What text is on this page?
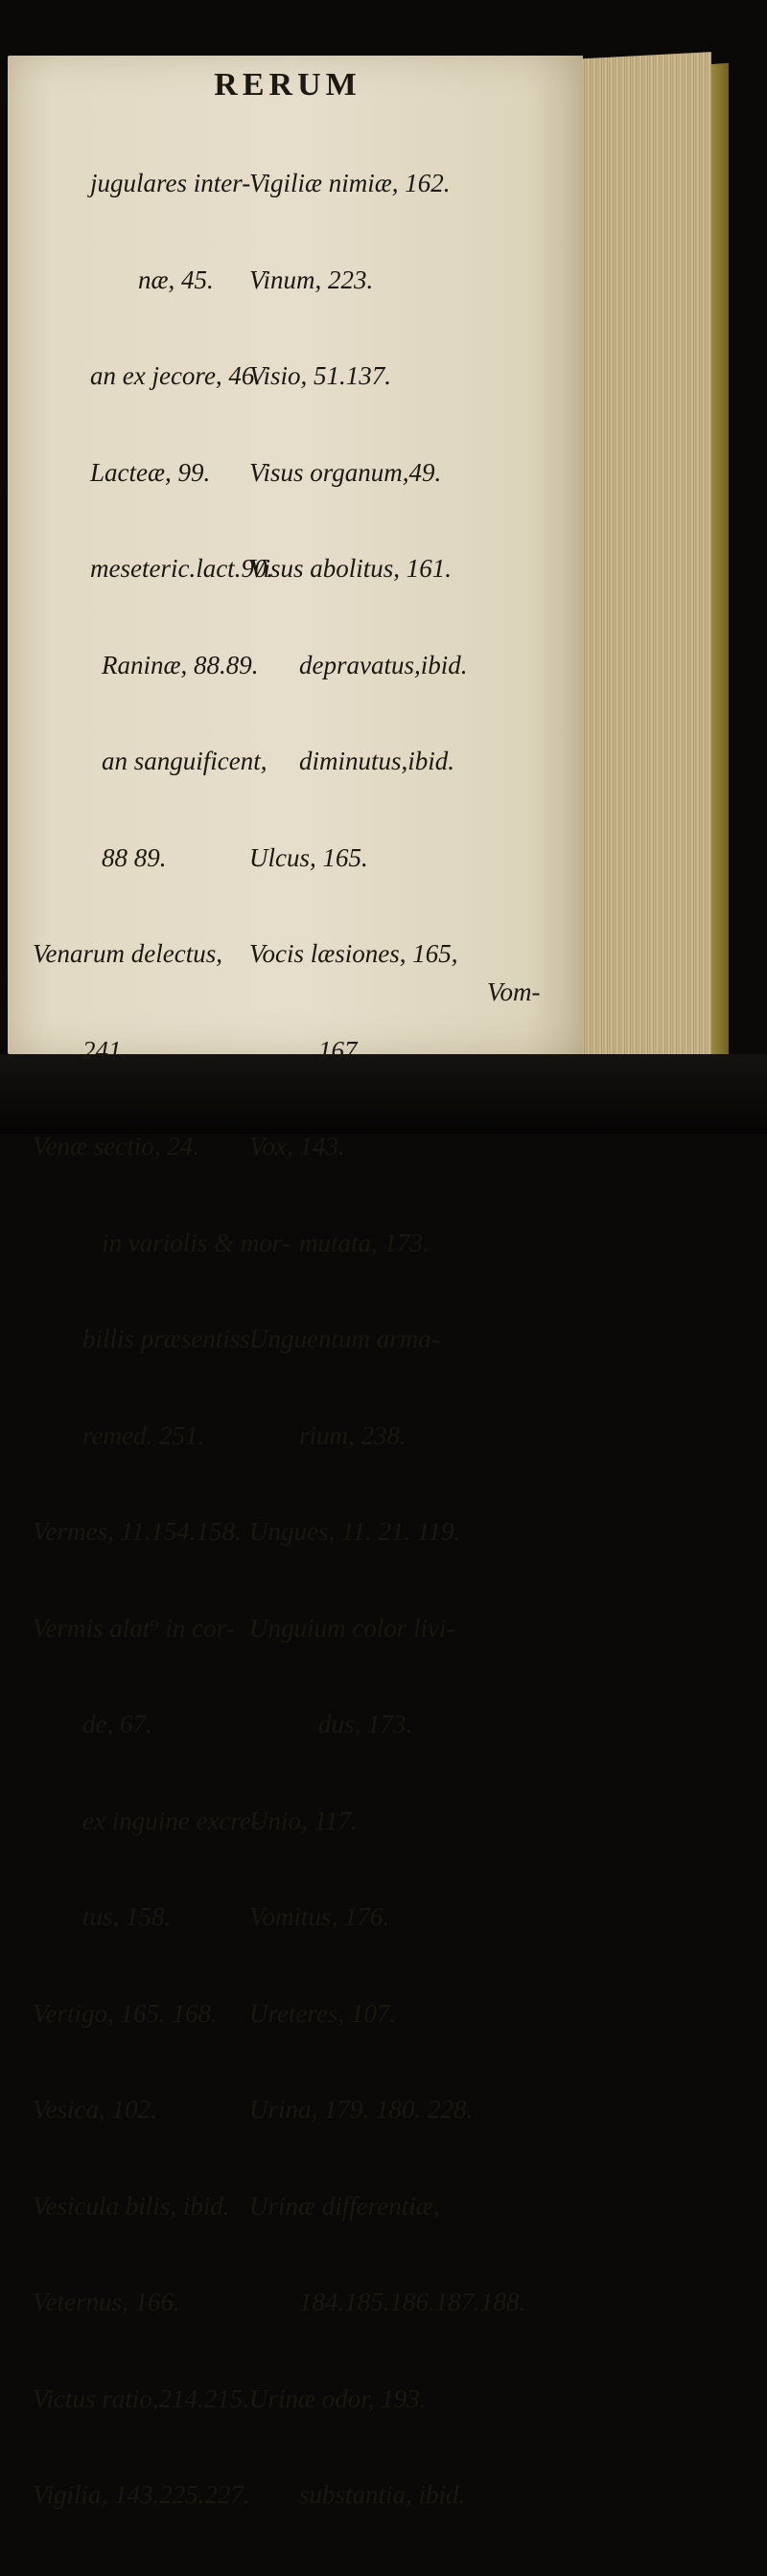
RERUM

jugulares inter-

næ, 45.

an ex jecore, 46.

Lacteæ, 99.

meseteric.lact.90.

Raninæ, 88.89.

an sanguificent,

88 89.

Venarum delectus,

241.

Venæ sectio, 24.

in variolis & mor-

billis præsentiss.

remed. 251.

Vermes, 11.154.158.

Vermis alat⁹ in cor-

de, 67.

ex inguine excre-

tus, 158.

Vertigo, 165. 168.

Vesica, 102.

Vesicula bilis, ibid.

Veternus, 166.

Victus ratio,214.215.

Vigilia, 143.225.227.

Vigiliæ nimiæ, 162.

Vinum, 223.

Visio, 51.137.

Visus organum,49.

Visus abolitus, 161.

depravatus,ibid.

diminutus,ibid.

Ulcus, 165.

Vocis læsiones, 165,

167.

Vox, 143.

mutata, 173.

Unguentum arma-

rium, 238.

Ungues, 11. 21. 119.

Unguium color livi-

dus, 173.

Unio, 117.

Vomitus, 176.

Ureteres, 107.

Urina, 179. 180. 228.

Urinæ differentiæ,

184.185.186.187.188.

Urinæ odor, 193.

substantia, ibid.

Vom-
